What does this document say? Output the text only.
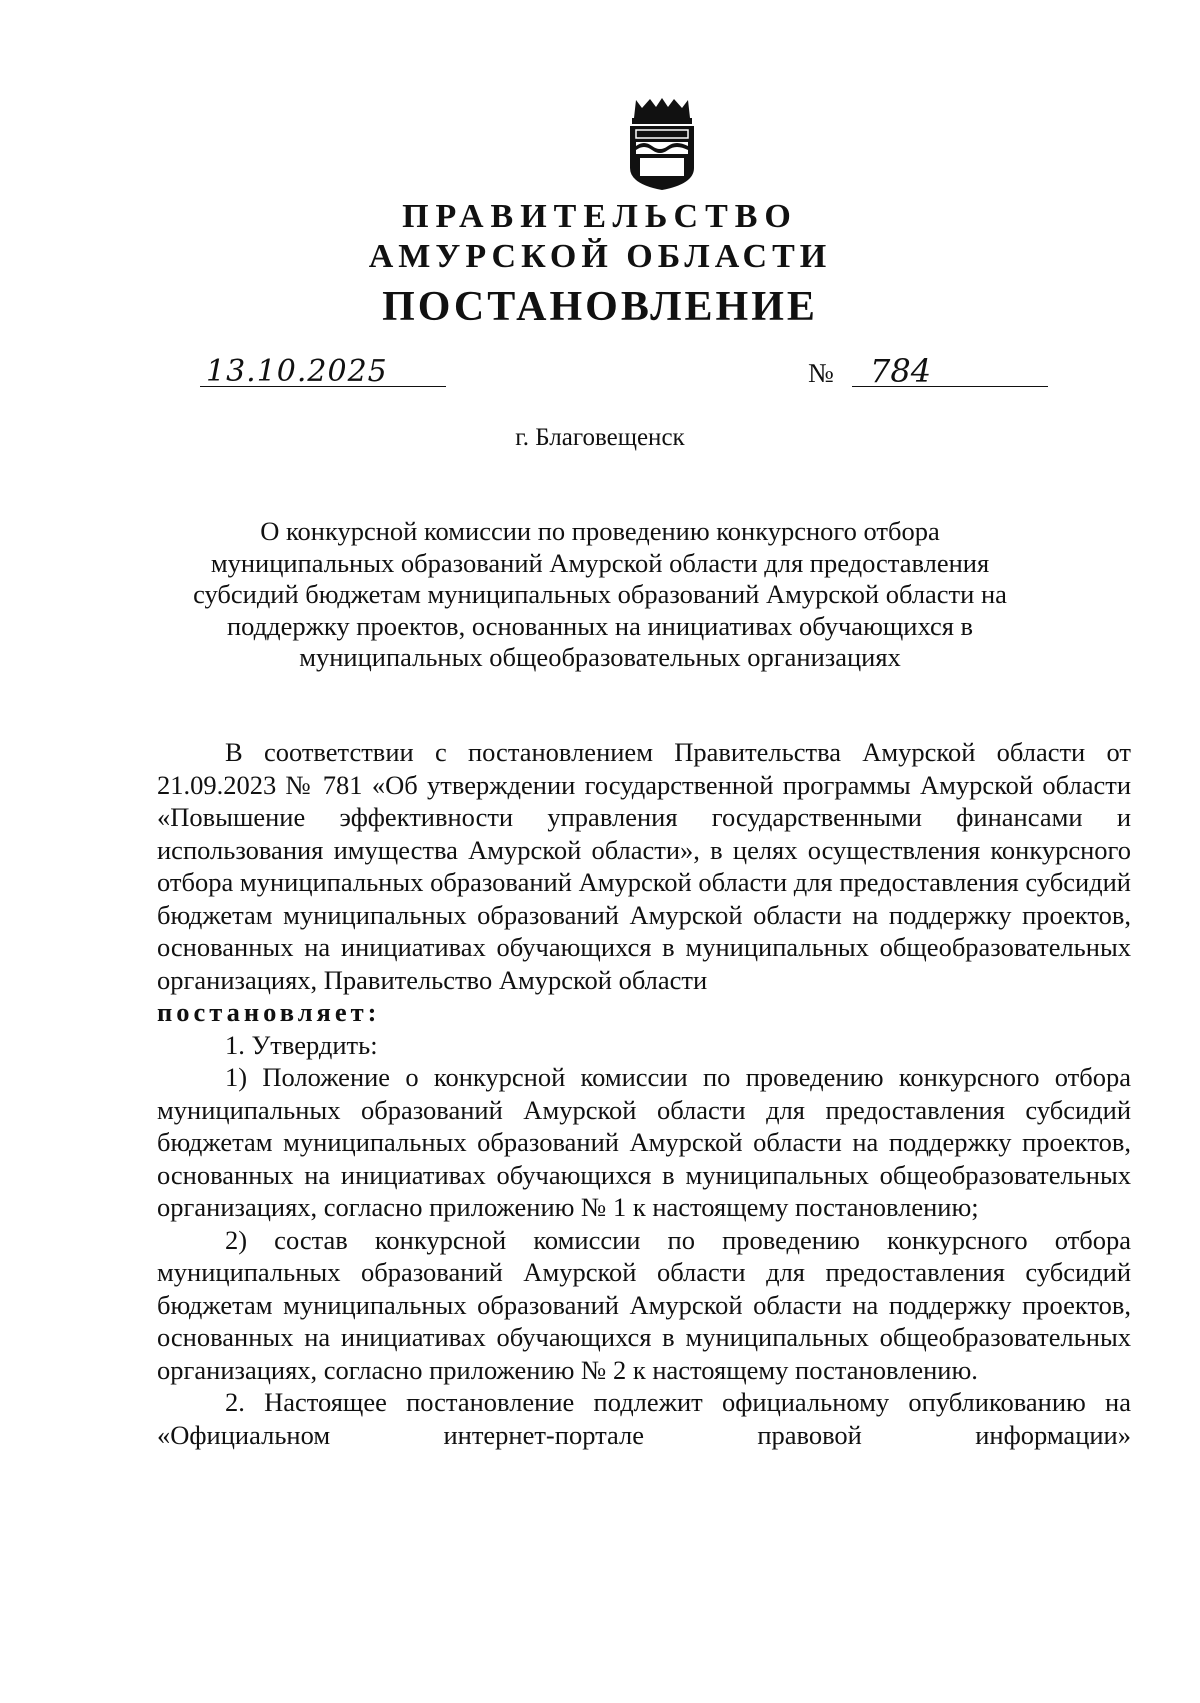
ПРАВИТЕЛЬСТВО
АМУРСКОЙ ОБЛАСТИ
ПОСТАНОВЛЕНИЕ
13.10.2025	№ 784
г. Благовещенск
О конкурсной комиссии по проведению конкурсного отбора
муниципальных образований Амурской области для предоставления
субсидий бюджетам муниципальных образований Амурской области на
поддержку проектов, основанных на инициативах обучающихся в
муниципальных общеобразовательных организациях

В соответствии с постановлением Правительства Амурской области от 21.09.2023 № 781 «Об утверждении государственной программы Амурской области «Повышение эффективности управления государственными финансами и использования имущества Амурской области», в целях осуществления конкурсного отбора муниципальных образований Амурской области для предоставления субсидий бюджетам муниципальных образований Амурской области на поддержку проектов, основанных на инициативах обучающихся в муниципальных общеобразовательных организациях, Правительство Амурской области

постановляет:

1. Утвердить:

1) Положение о конкурсной комиссии по проведению конкурсного отбора муниципальных образований Амурской области для предоставления субсидий бюджетам муниципальных образований Амурской области на поддержку проектов, основанных на инициативах обучающихся в муниципальных общеобразовательных организациях, согласно приложению № 1 к настоящему постановлению;

2) состав конкурсной комиссии по проведению конкурсного отбора муниципальных образований Амурской области для предоставления субсидий бюджетам муниципальных образований Амурской области на поддержку проектов, основанных на инициативах обучающихся в муниципальных общеобразовательных организациях, согласно приложению № 2 к настоящему постановлению.

2. Настоящее постановление подлежит официальному опубликованию на «Официальном интернет-портале правовой информации»
